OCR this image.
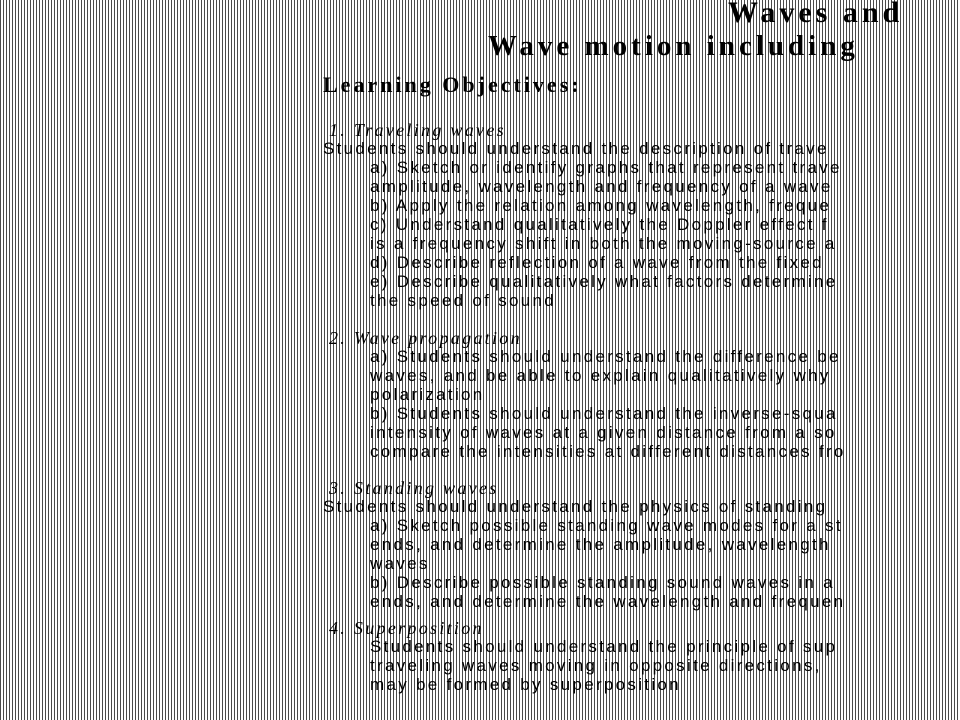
Waves and
Wave motion including
Learning Objectives:
1. Traveling waves
Students should understand the description of trave
a) Sketch or identify graphs that represent trave
amplitude, wavelength and frequency of a wave
b) Apply the relation among wavelength, freque
c) Understand qualitatively the Doppler effect f
is a frequency shift in both the moving-source a
d) Describe reflection of a wave from the fixed
e) Describe qualitatively what factors determine
the speed of sound
2. Wave propagation
a) Students should understand the difference be
waves, and be able to explain qualitatively why
polarization
b) Students should understand the inverse-squa
intensity of waves at a given distance from a so
compare the intensities at different distances fro
3. Standing waves
Students should understand the physics of standing
a) Sketch possible standing wave modes for a st
ends, and determine the amplitude, wavelength
waves
b) Describe possible standing sound waves in a
ends, and determine the wavelength and frequen
4. Superposition
Students should understand the principle of sup
traveling waves moving in opposite directions,
may be formed by superposition
